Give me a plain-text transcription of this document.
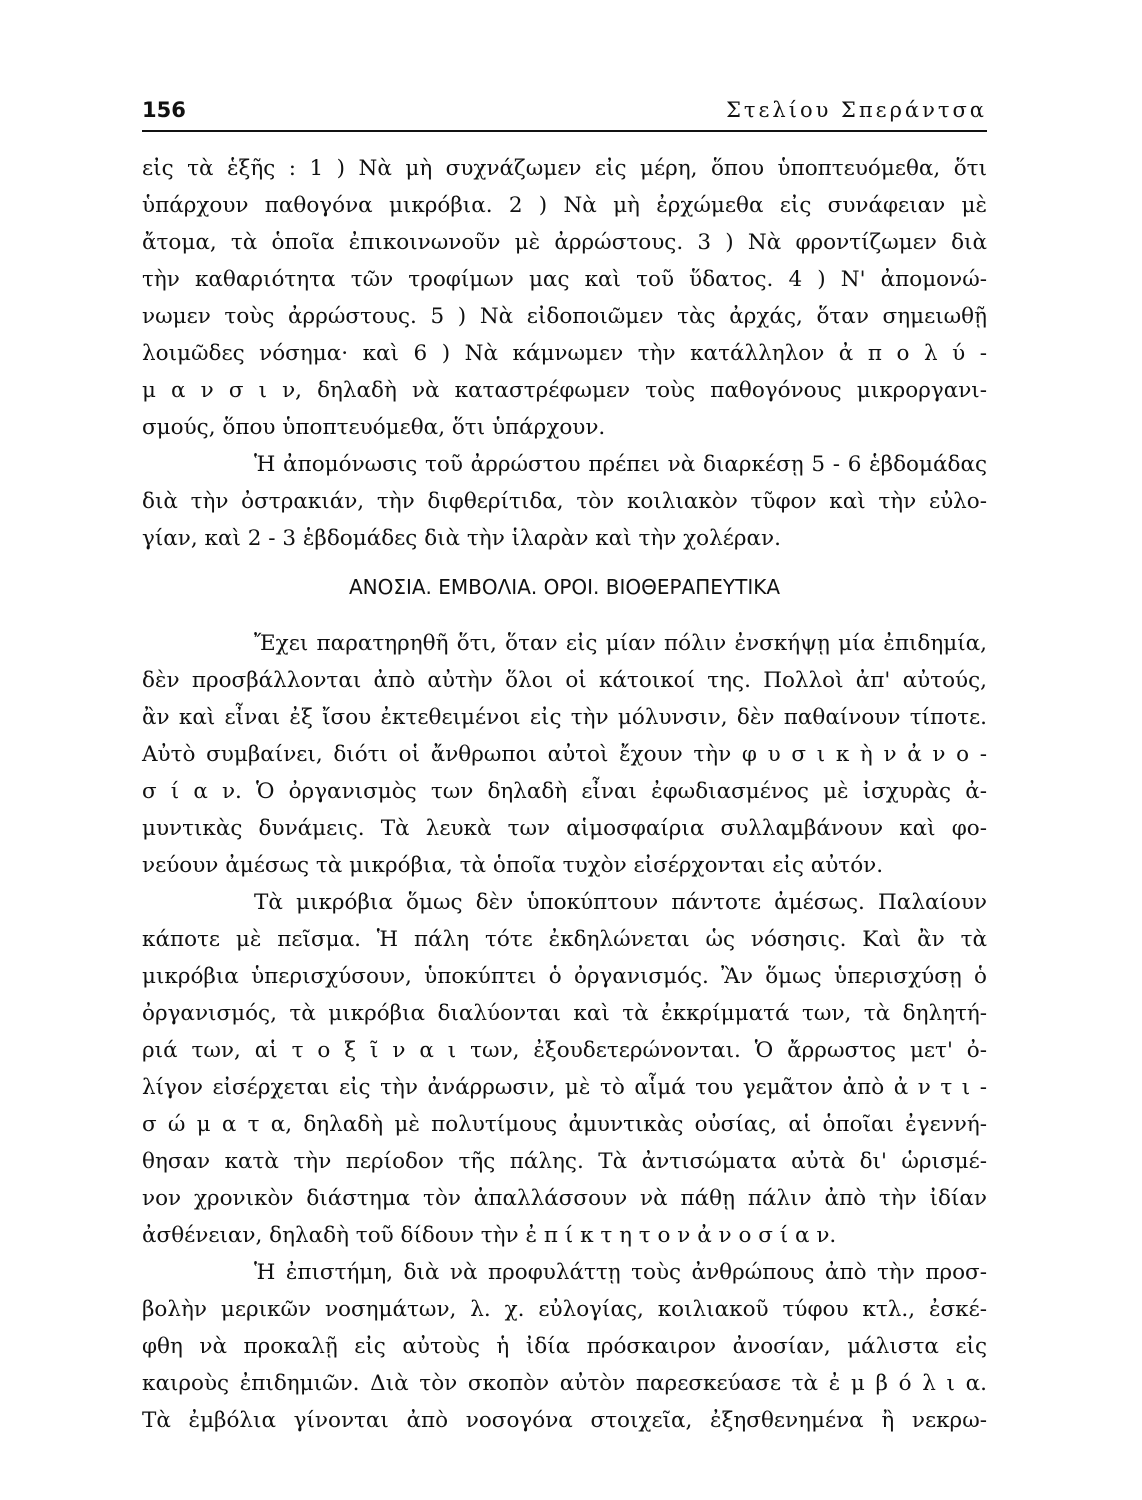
156	Στελίου Σπεράντσα
εἰς τὰ ἑξῆς : 1 ) Νὰ μὴ συχνάζωμεν εἰς μέρη, ὅπου ὑποπτευόμεθα, ὅτι
ὑπάρχουν παθογόνα μικρόβια. 2 ) Νὰ μὴ ἐρχώμεθα εἰς συνάφειαν μὲ
ἄτομα, τὰ ὁποῖα ἐπικοινωνοῦν μὲ ἀρρώστους. 3 ) Νὰ φροντίζωμεν διὰ
τὴν καθαριότητα τῶν τροφίμων μας καὶ τοῦ ὕδατος. 4 ) Ν' ἀπομονώ-
νωμεν τοὺς ἀρρώστους. 5 ) Νὰ εἰδοποιῶμεν τὰς ἀρχάς, ὅταν σημειωθῇ
λοιμῶδες νόσημα· καὶ 6 ) Νὰ κάμνωμεν τὴν κατάλληλον ἀ π ο λ ύ -
μ α ν σ ι ν, δηλαδὴ νὰ καταστρέφωμεν τοὺς παθογόνους μικροργανι-
σμούς, ὅπου ὑποπτευόμεθα, ὅτι ὑπάρχουν.
Ἡ ἀπομόνωσις τοῦ ἀρρώστου πρέπει νὰ διαρκέσῃ 5 - 6 ἑβδομάδας
διὰ τὴν ὀστρακιάν, τὴν διφθερίτιδα, τὸν κοιλιακὸν τῦφον καὶ τὴν εὐλο-
γίαν, καὶ 2 - 3 ἑβδομάδες διὰ τὴν ἱλαρὰν καὶ τὴν χολέραν.
ΑΝΟΣΙΑ. ΕΜΒΟΛΙΑ. ΟΡΟΙ. ΒΙΟΘΕΡΑΠΕΥΤΙΚΑ
Ἔχει παρατηρηθῆ ὅτι, ὅταν εἰς μίαν πόλιν ἐνσκήψῃ μία ἐπιδημία,
δὲν προσβάλλονται ἀπὸ αὐτὴν ὅλοι οἱ κάτοικοί της. Πολλοὶ ἀπ' αὐτούς,
ἂν καὶ εἶναι ἐξ ἴσου ἐκτεθειμένοι εἰς τὴν μόλυνσιν, δὲν παθαίνουν τίποτε.
Αὐτὸ συμβαίνει, διότι οἱ ἄνθρωποι αὐτοὶ ἔχουν τὴν φ υ σ ι κ ὴ ν ἀ ν ο -
σ ί α ν. Ὁ ὀργανισμὸς των δηλαδὴ εἶναι ἐφωδιασμένος μὲ ἰσχυρὰς ἀ-
μυντικὰς δυνάμεις. Τὰ λευκὰ των αἱμοσφαίρια συλλαμβάνουν καὶ φο-
νεύουν ἀμέσως τὰ μικρόβια, τὰ ὁποῖα τυχὸν εἰσέρχονται εἰς αὐτόν.
Τὰ μικρόβια ὅμως δὲν ὑποκύπτουν πάντοτε ἀμέσως. Παλαίουν
κάποτε μὲ πεῖσμα. Ἡ πάλη τότε ἐκδηλώνεται ὡς νόσησις. Καὶ ἂν τὰ
μικρόβια ὑπερισχύσουν, ὑποκύπτει ὁ ὀργανισμός. Ἂν ὅμως ὑπερισχύσῃ ὁ
ὀργανισμός, τὰ μικρόβια διαλύονται καὶ τὰ ἐκκρίμματά των, τὰ δηλητή-
ριά των, αἱ τ ο ξ ῖ ν α ι των, ἐξουδετερώνονται. Ὁ ἄρρωστος μετ' ὀ-
λίγον εἰσέρχεται εἰς τὴν ἀνάρρωσιν, μὲ τὸ αἷμά του γεμᾶτον ἀπὸ ἀ ν τ ι -
σ ώ μ α τ α, δηλαδὴ μὲ πολυτίμους ἀμυντικὰς οὐσίας, αἱ ὁποῖαι ἐγεννή-
θησαν κατὰ τὴν περίοδον τῆς πάλης. Τὰ ἀντισώματα αὐτὰ δι' ὡρισμέ-
νον χρονικὸν διάστημα τὸν ἀπαλλάσσουν νὰ πάθῃ πάλιν ἀπὸ τὴν ἰδίαν
ἀσθένειαν, δηλαδὴ τοῦ δίδουν τὴν ἐ π ί κ τ η τ ο ν ἀ ν ο σ ί α ν.
Ἡ ἐπιστήμη, διὰ νὰ προφυλάττῃ τοὺς ἀνθρώπους ἀπὸ τὴν προσ-
βολὴν μερικῶν νοσημάτων, λ. χ. εὐλογίας, κοιλιακοῦ τύφου κτλ., ἐσκέ-
φθη νὰ προκαλῇ εἰς αὐτοὺς ἡ ἰδία πρόσκαιρον ἀνοσίαν, μάλιστα εἰς
καιροὺς ἐπιδημιῶν. Διὰ τὸν σκοπὸν αὐτὸν παρεσκεύασε τὰ ἐ μ β ό λ ι α.
Τὰ ἐμβόλια γίνονται ἀπὸ νοσογόνα στοιχεῖα, ἐξησθενημένα ἢ νεκρω-
